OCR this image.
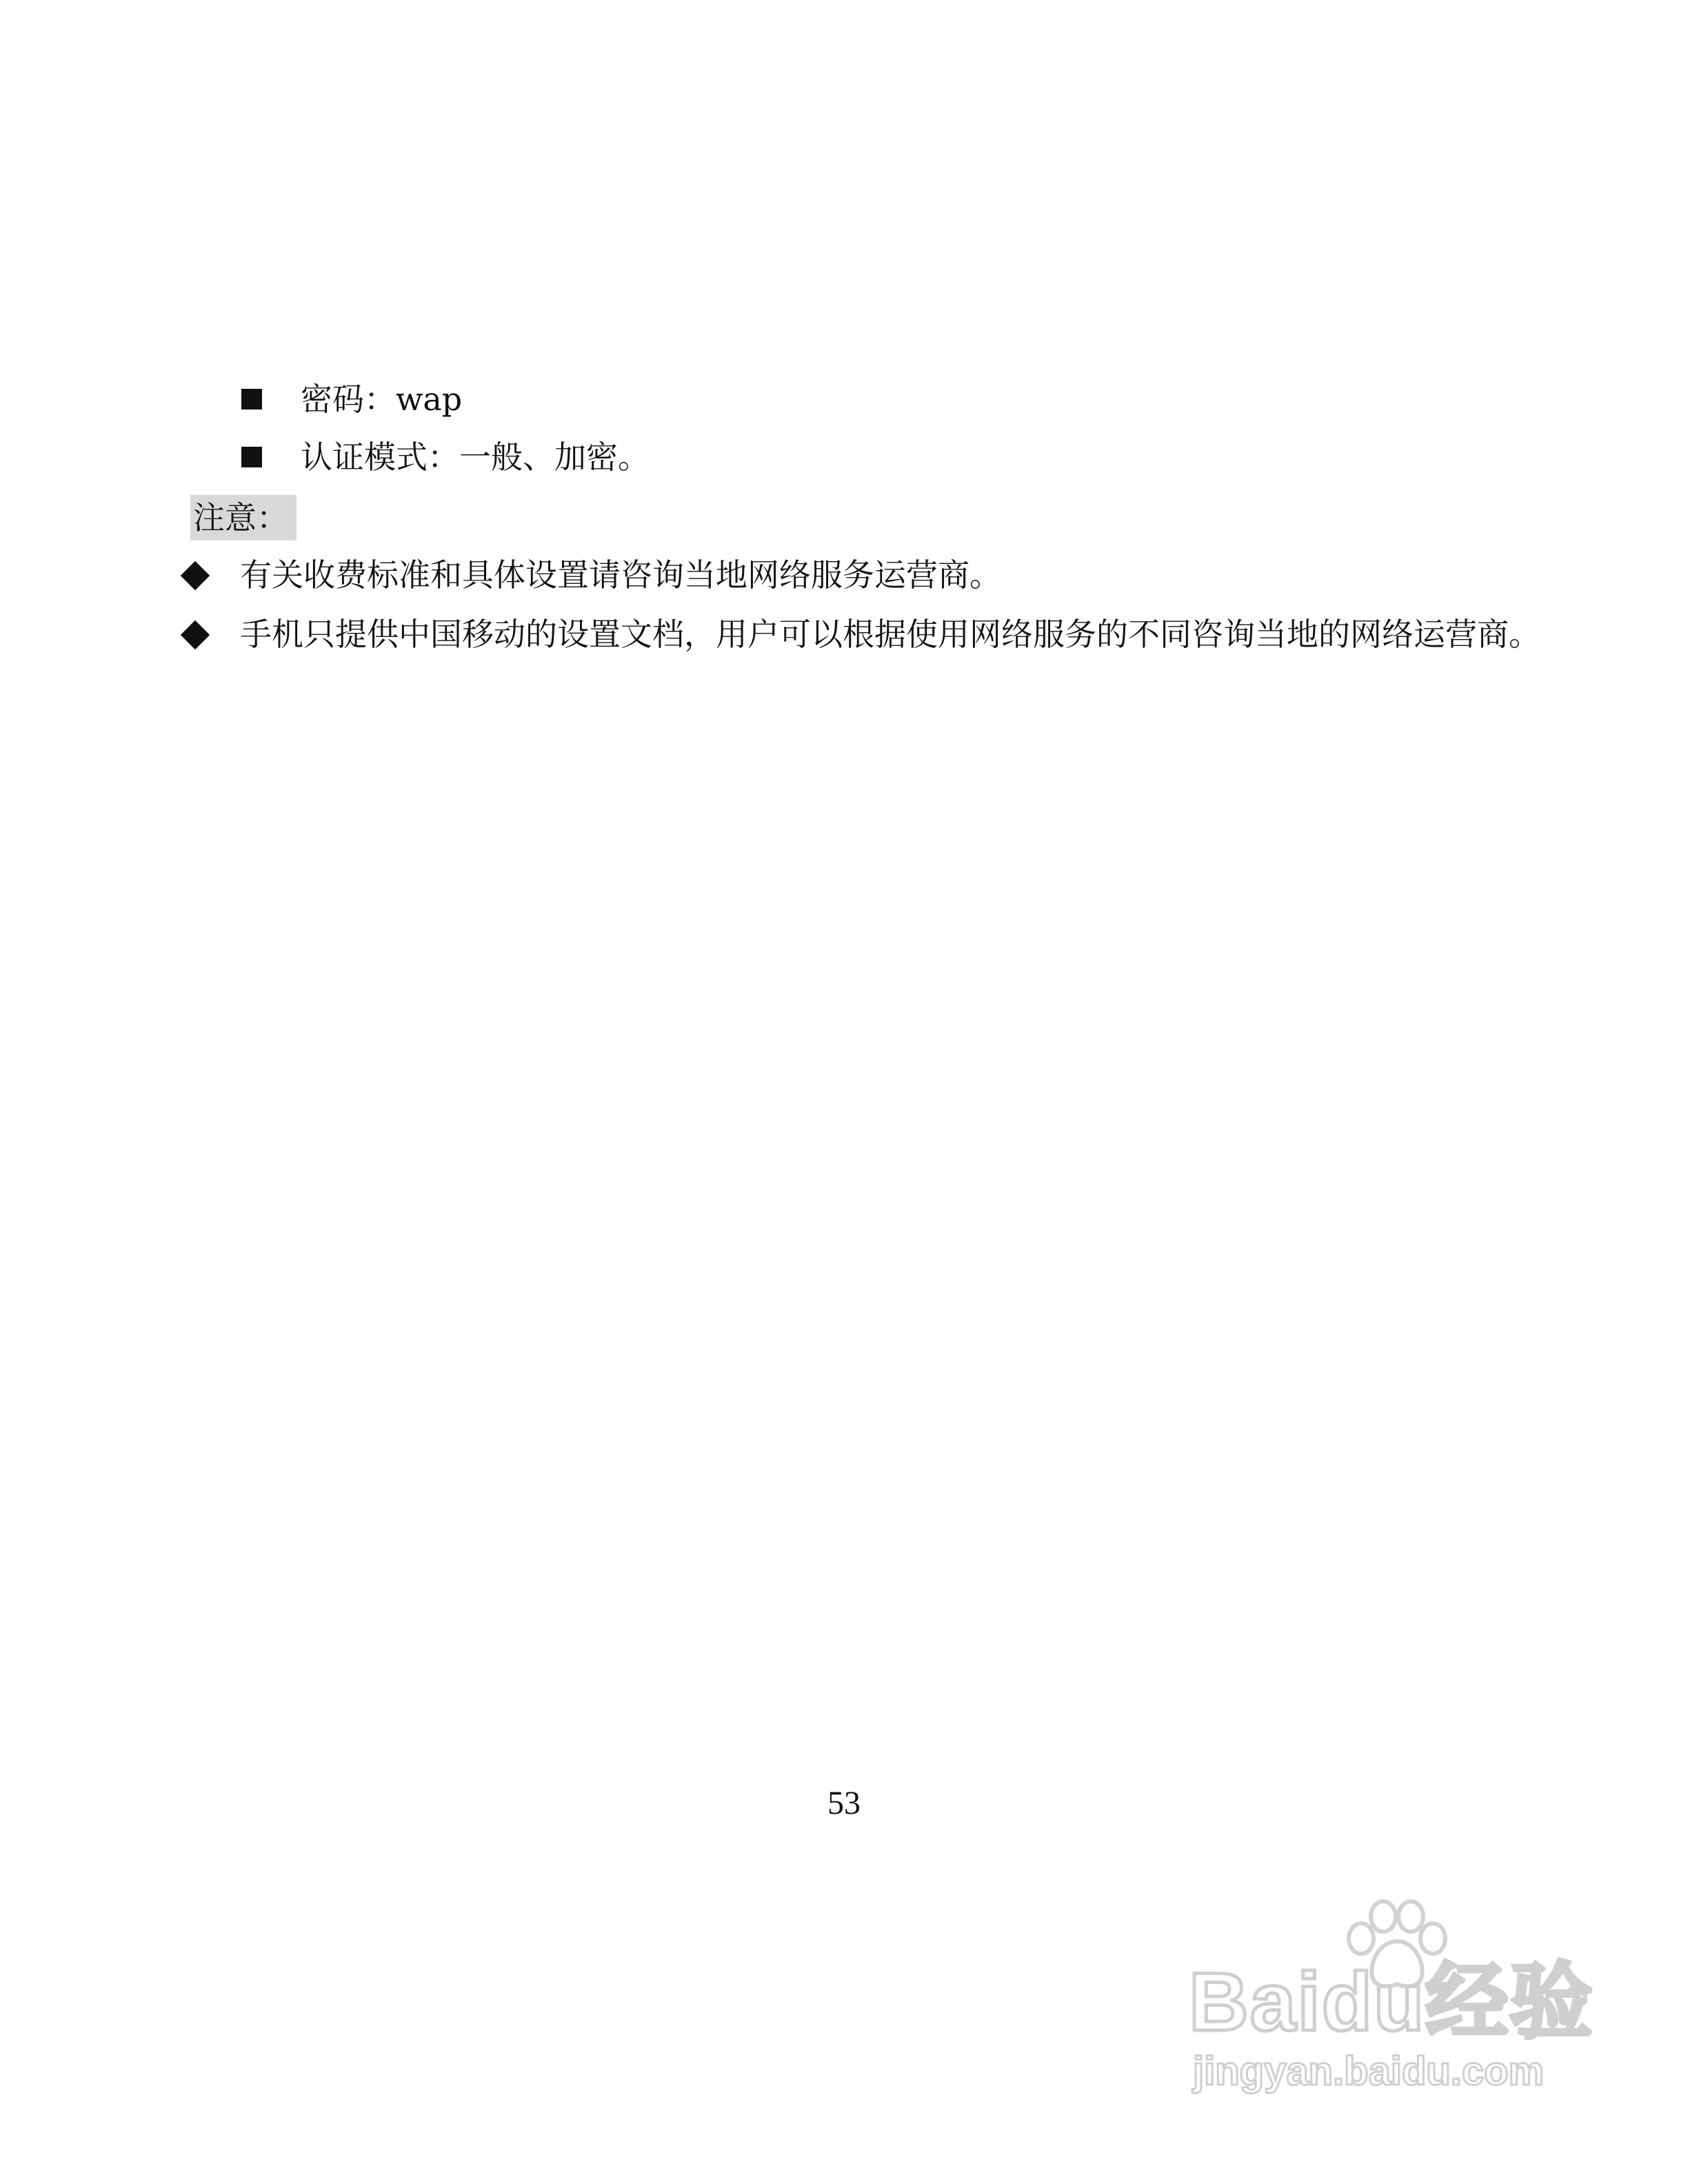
密码：wap
认证模式：一般、加密。
注意：
有关收费标准和具体设置请咨询当地网络服务运营商。
手机只提供中国移动的设置文档，用户可以根据使用网络服务的不同咨询当地的网络运营商。
53
Baidu经验
jingyan.baidu.com
